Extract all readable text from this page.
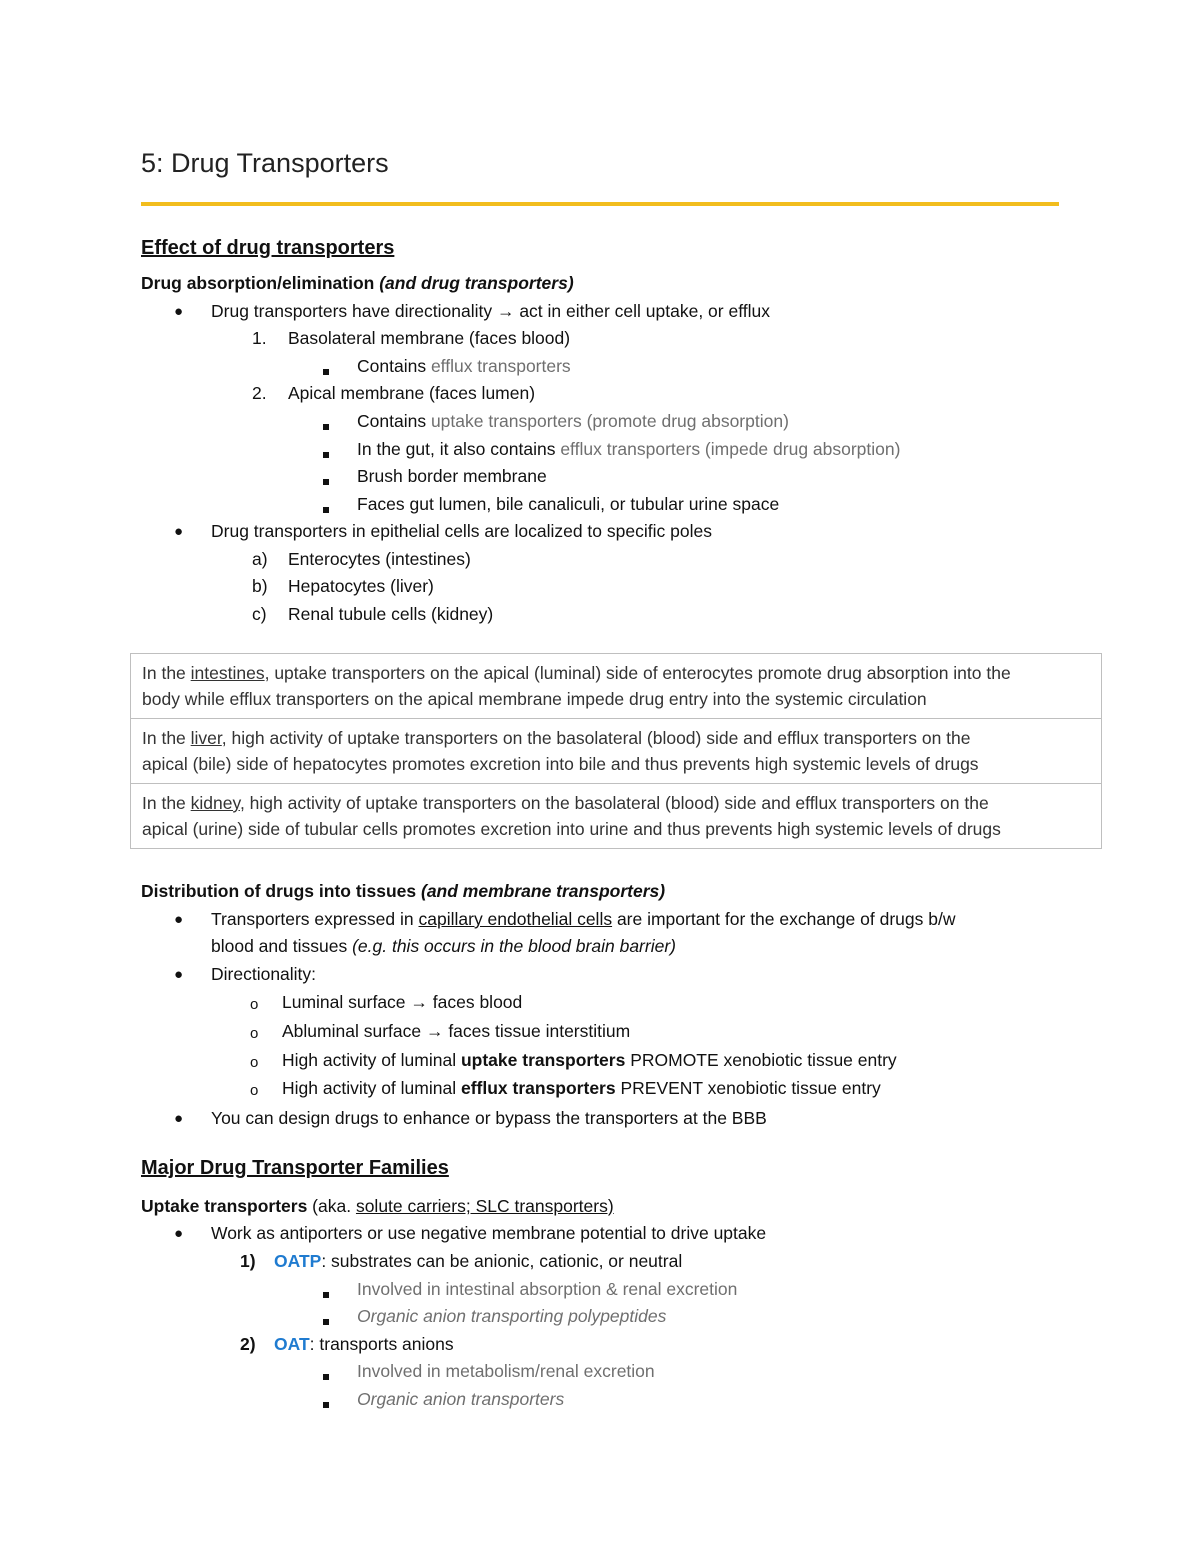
5: Drug Transporters
Effect of drug transporters
Drug absorption/elimination (and drug transporters)
● Drug transporters have directionality → act in either cell uptake, or efflux
1. Basolateral membrane (faces blood)
Contains efflux transporters
2. Apical membrane (faces lumen)
Contains uptake transporters (promote drug absorption)
In the gut, it also contains efflux transporters (impede drug absorption)
Brush border membrane
Faces gut lumen, bile canaliculi, or tubular urine space
● Drug transporters in epithelial cells are localized to specific poles
a) Enterocytes (intestines)
b) Hepatocytes (liver)
c) Renal tubule cells (kidney)
In the intestines, uptake transporters on the apical (luminal) side of enterocytes promote drug absorption into the
body while efflux transporters on the apical membrane impede drug entry into the systemic circulation
In the liver, high activity of uptake transporters on the basolateral (blood) side and efflux transporters on the
apical (bile) side of hepatocytes promotes excretion into bile and thus prevents high systemic levels of drugs
In the kidney, high activity of uptake transporters on the basolateral (blood) side and efflux transporters on the
apical (urine) side of tubular cells promotes excretion into urine and thus prevents high systemic levels of drugs
Distribution of drugs into tissues (and membrane transporters)
● Transporters expressed in capillary endothelial cells are important for the exchange of drugs b/w
blood and tissues (e.g. this occurs in the blood brain barrier)
● Directionality:
o Luminal surface → faces blood
o Abluminal surface → faces tissue interstitium
o High activity of luminal uptake transporters PROMOTE xenobiotic tissue entry
o High activity of luminal efflux transporters PREVENT xenobiotic tissue entry
● You can design drugs to enhance or bypass the transporters at the BBB
Major Drug Transporter Families
Uptake transporters (aka. solute carriers; SLC transporters)
● Work as antiporters or use negative membrane potential to drive uptake
1) OATP: substrates can be anionic, cationic, or neutral
Involved in intestinal absorption & renal excretion
Organic anion transporting polypeptides
2) OAT: transports anions
Involved in metabolism/renal excretion
Organic anion transporters
